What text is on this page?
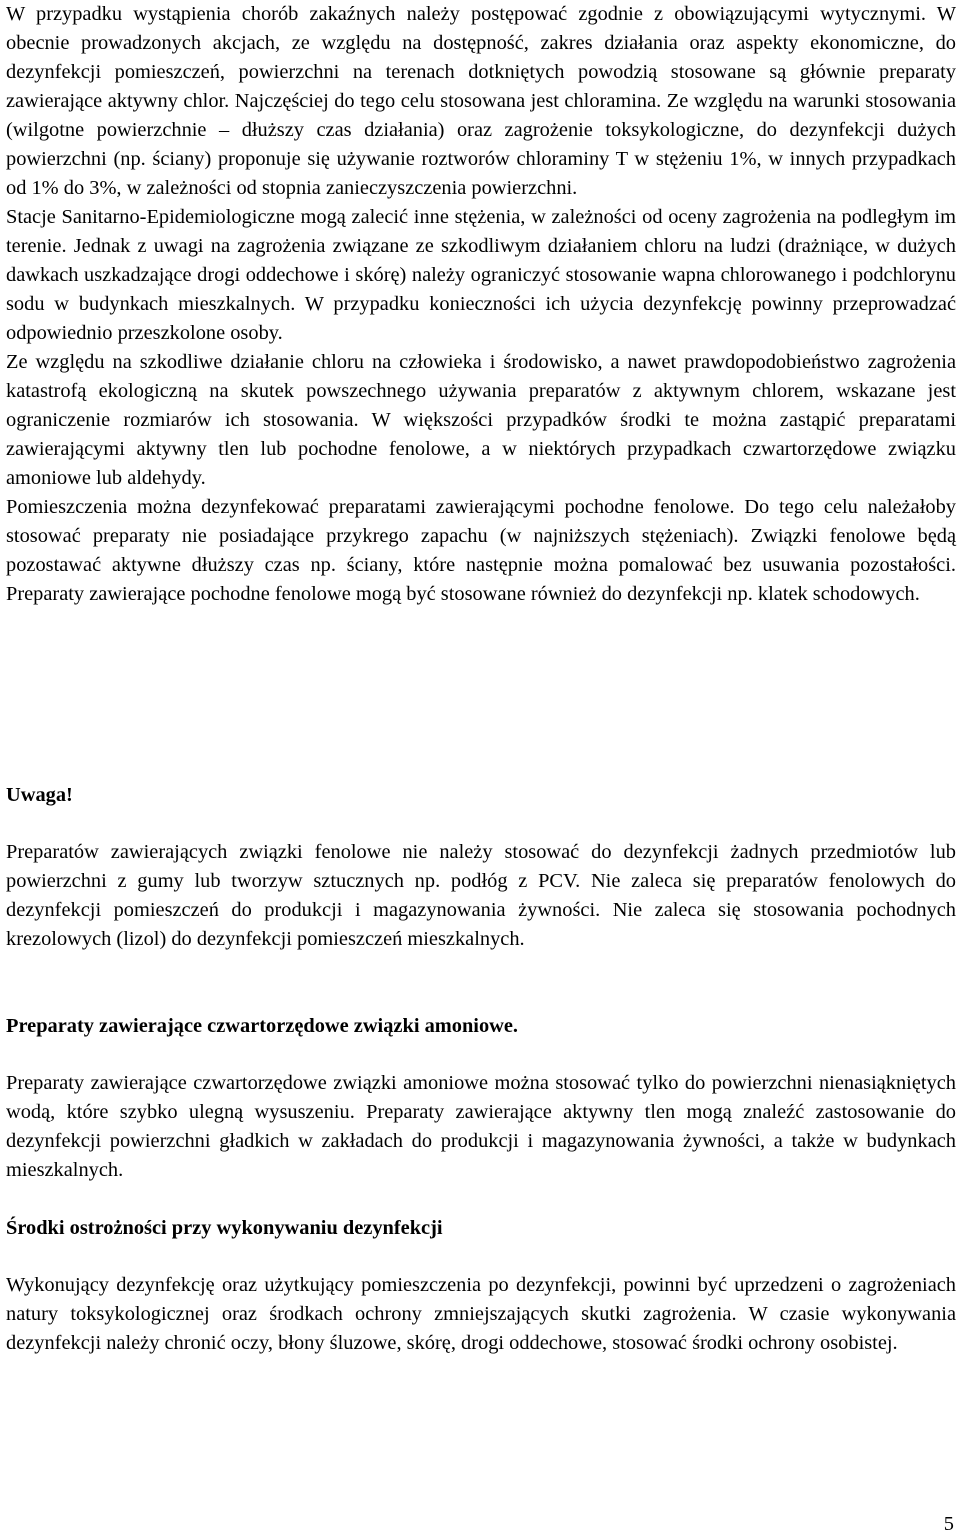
W przypadku wystąpienia chorób zakaźnych należy postępować zgodnie z obowiązującymi wytycznymi. W obecnie prowadzonych akcjach, ze względu na dostępność, zakres działania oraz aspekty ekonomiczne, do dezynfekcji pomieszczeń, powierzchni na terenach dotkniętych powodzią stosowane są głównie preparaty zawierające aktywny chlor. Najczęściej do tego celu stosowana jest chloramina. Ze względu na warunki stosowania (wilgotne powierzchnie – dłuższy czas działania) oraz zagrożenie toksykologiczne, do dezynfekcji dużych powierzchni (np. ściany) proponuje się używanie roztworów chloraminy T w stężeniu 1%, w innych przypadkach od 1% do 3%, w zależności od stopnia zanieczyszczenia powierzchni.

Stacje Sanitarno-Epidemiologiczne mogą zalecić inne stężenia, w zależności od oceny zagrożenia na podległym im terenie. Jednak z uwagi na zagrożenia związane ze szkodliwym działaniem chloru na ludzi (drażniące, w dużych dawkach uszkadzające drogi oddechowe i skórę) należy ograniczyć stosowanie wapna chlorowanego i podchlorynu sodu w budynkach mieszkalnych. W przypadku konieczności ich użycia dezynfekcję powinny przeprowadzać odpowiednio przeszkolone osoby.

Ze względu na szkodliwe działanie chloru na człowieka i środowisko, a nawet prawdopodobieństwo zagrożenia katastrofą ekologiczną na skutek powszechnego używania preparatów z aktywnym chlorem, wskazane jest ograniczenie rozmiarów ich stosowania. W większości przypadków środki te można zastąpić preparatami zawierającymi aktywny tlen lub pochodne fenolowe, a w niektórych przypadkach czwartorzędowe związku amoniowe lub aldehydy.

Pomieszczenia można dezynfekować preparatami zawierającymi pochodne fenolowe. Do tego celu należałoby stosować preparaty nie posiadające przykrego zapachu (w najniższych stężeniach). Związki fenolowe będą pozostawać aktywne dłuższy czas np. ściany, które następnie można pomalować bez usuwania pozostałości. Preparaty zawierające pochodne fenolowe mogą być stosowane również do dezynfekcji np. klatek schodowych.

Uwaga!

Preparatów zawierających związki fenolowe nie należy stosować do dezynfekcji żadnych przedmiotów lub powierzchni z gumy lub tworzyw sztucznych np. podłóg z PCV. Nie zaleca się preparatów fenolowych do dezynfekcji pomieszczeń do produkcji i magazynowania żywności. Nie zaleca się stosowania pochodnych krezolowych (lizol) do dezynfekcji pomieszczeń mieszkalnych.

Preparaty zawierające czwartorzędowe związki amoniowe.

Preparaty zawierające czwartorzędowe związki amoniowe można stosować tylko do powierzchni nienasiąkniętych wodą, które szybko ulegną wysuszeniu. Preparaty zawierające aktywny tlen mogą znaleźć zastosowanie do dezynfekcji powierzchni gładkich w zakładach do produkcji i magazynowania żywności, a także w budynkach mieszkalnych.

Środki ostrożności przy wykonywaniu dezynfekcji

Wykonujący dezynfekcję oraz użytkujący pomieszczenia po dezynfekcji, powinni być uprzedzeni o zagrożeniach natury toksykologicznej oraz środkach ochrony zmniejszających skutki zagrożenia. W czasie wykonywania dezynfekcji należy chronić oczy, błony śluzowe, skórę, drogi oddechowe, stosować środki ochrony osobistej.

5
